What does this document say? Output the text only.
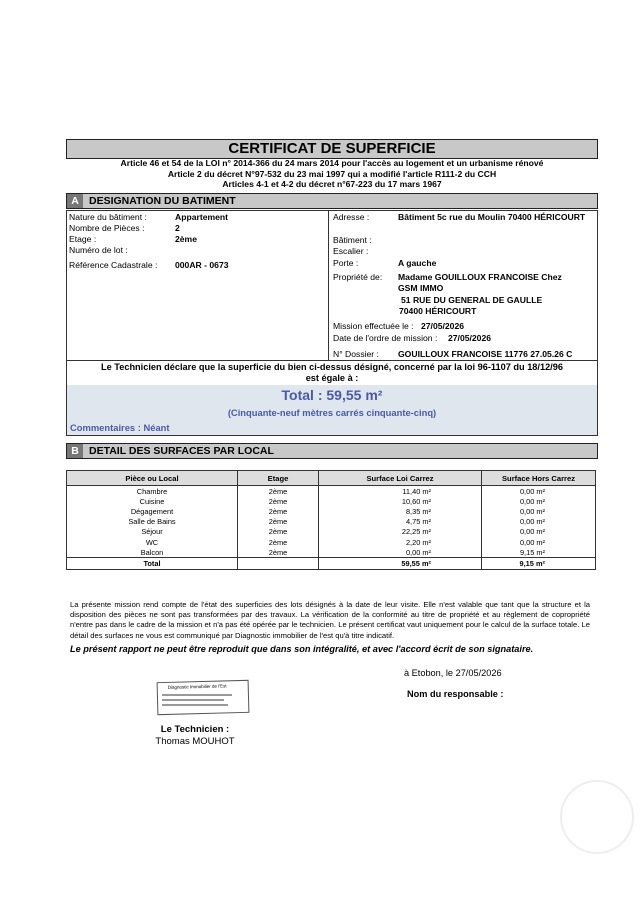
CERTIFICAT DE SUPERFICIE
Article 46 et 54 de la LOI n° 2014-366 du 24 mars 2014 pour l'accès au logement et un urbanisme rénové
Article 2 du décret N°97-532 du 23 mai 1997 qui a modifié l'article R111-2 du CCH
Articles 4-1 et 4-2 du décret n°67-223 du 17 mars 1967
A DESIGNATION DU BATIMENT
Nature du bâtiment :	Appartement
Nombre de Pièces :	2
Etage :	2ème
Numéro de lot :
Référence Cadastrale : 000AR - 0673
Adresse :	Bâtiment 5c rue du Moulin 70400 HÉRICOURT
Bâtiment :
Escalier :
Porte :	A gauche
Propriété de: Madame GOUILLOUX FRANCOISE Chez GSM IMMO
51 RUE DU GENERAL DE GAULLE
70400 HÉRICOURT
Mission effectuée le : 27/05/2026
Date de l'ordre de mission : 27/05/2026
N° Dossier : GOUILLOUX FRANCOISE 11776 27.05.26 C
Le Technicien déclare que la superficie du bien ci-dessus désigné, concerné par la loi 96-1107 du 18/12/96
est égale à :
Total : 59,55 m²
(Cinquante-neuf mètres carrés cinquante-cinq)
Commentaires : Néant
B DETAIL DES SURFACES PAR LOCAL
Pièce ou Local	Etage	Surface Loi Carrez	Surface Hors Carrez
Chambre	2ème	11,40 m²	0,00 m²
Cuisine	2ème	10,60 m²	0,00 m²
Dégagement	2ème	8,35 m²	0,00 m²
Salle de Bains	2ème	4,75 m²	0,00 m²
Séjour	2ème	22,25 m²	0,00 m²
WC	2ème	2,20 m²	0,00 m²
Balcon	2ème	0,00 m²	9,15 m²
Total		59,55 m²	9,15 m²
La présente mission rend compte de l'état des superficies des lots désignés à la date de leur visite. Elle n'est valable que tant que la structure et la disposition des pièces ne sont pas transformées par des travaux. La vérification de la conformité au titre de propriété et au règlement de copropriété n'entre pas dans le cadre de la mission et n'a pas été opérée par le technicien. Le présent certificat vaut uniquement pour le calcul de la surface totale. Le détail des surfaces ne vous est communiqué par Diagnostic immobilier de l'est qu'à titre indicatif.
Le présent rapport ne peut être reproduit que dans son intégralité, et avec l'accord écrit de son signataire.
à Etobon, le 27/05/2026
Nom du responsable :
Diagnostic Immobilier de l'Est
Le Technicien :
Thomas MOUHOT
